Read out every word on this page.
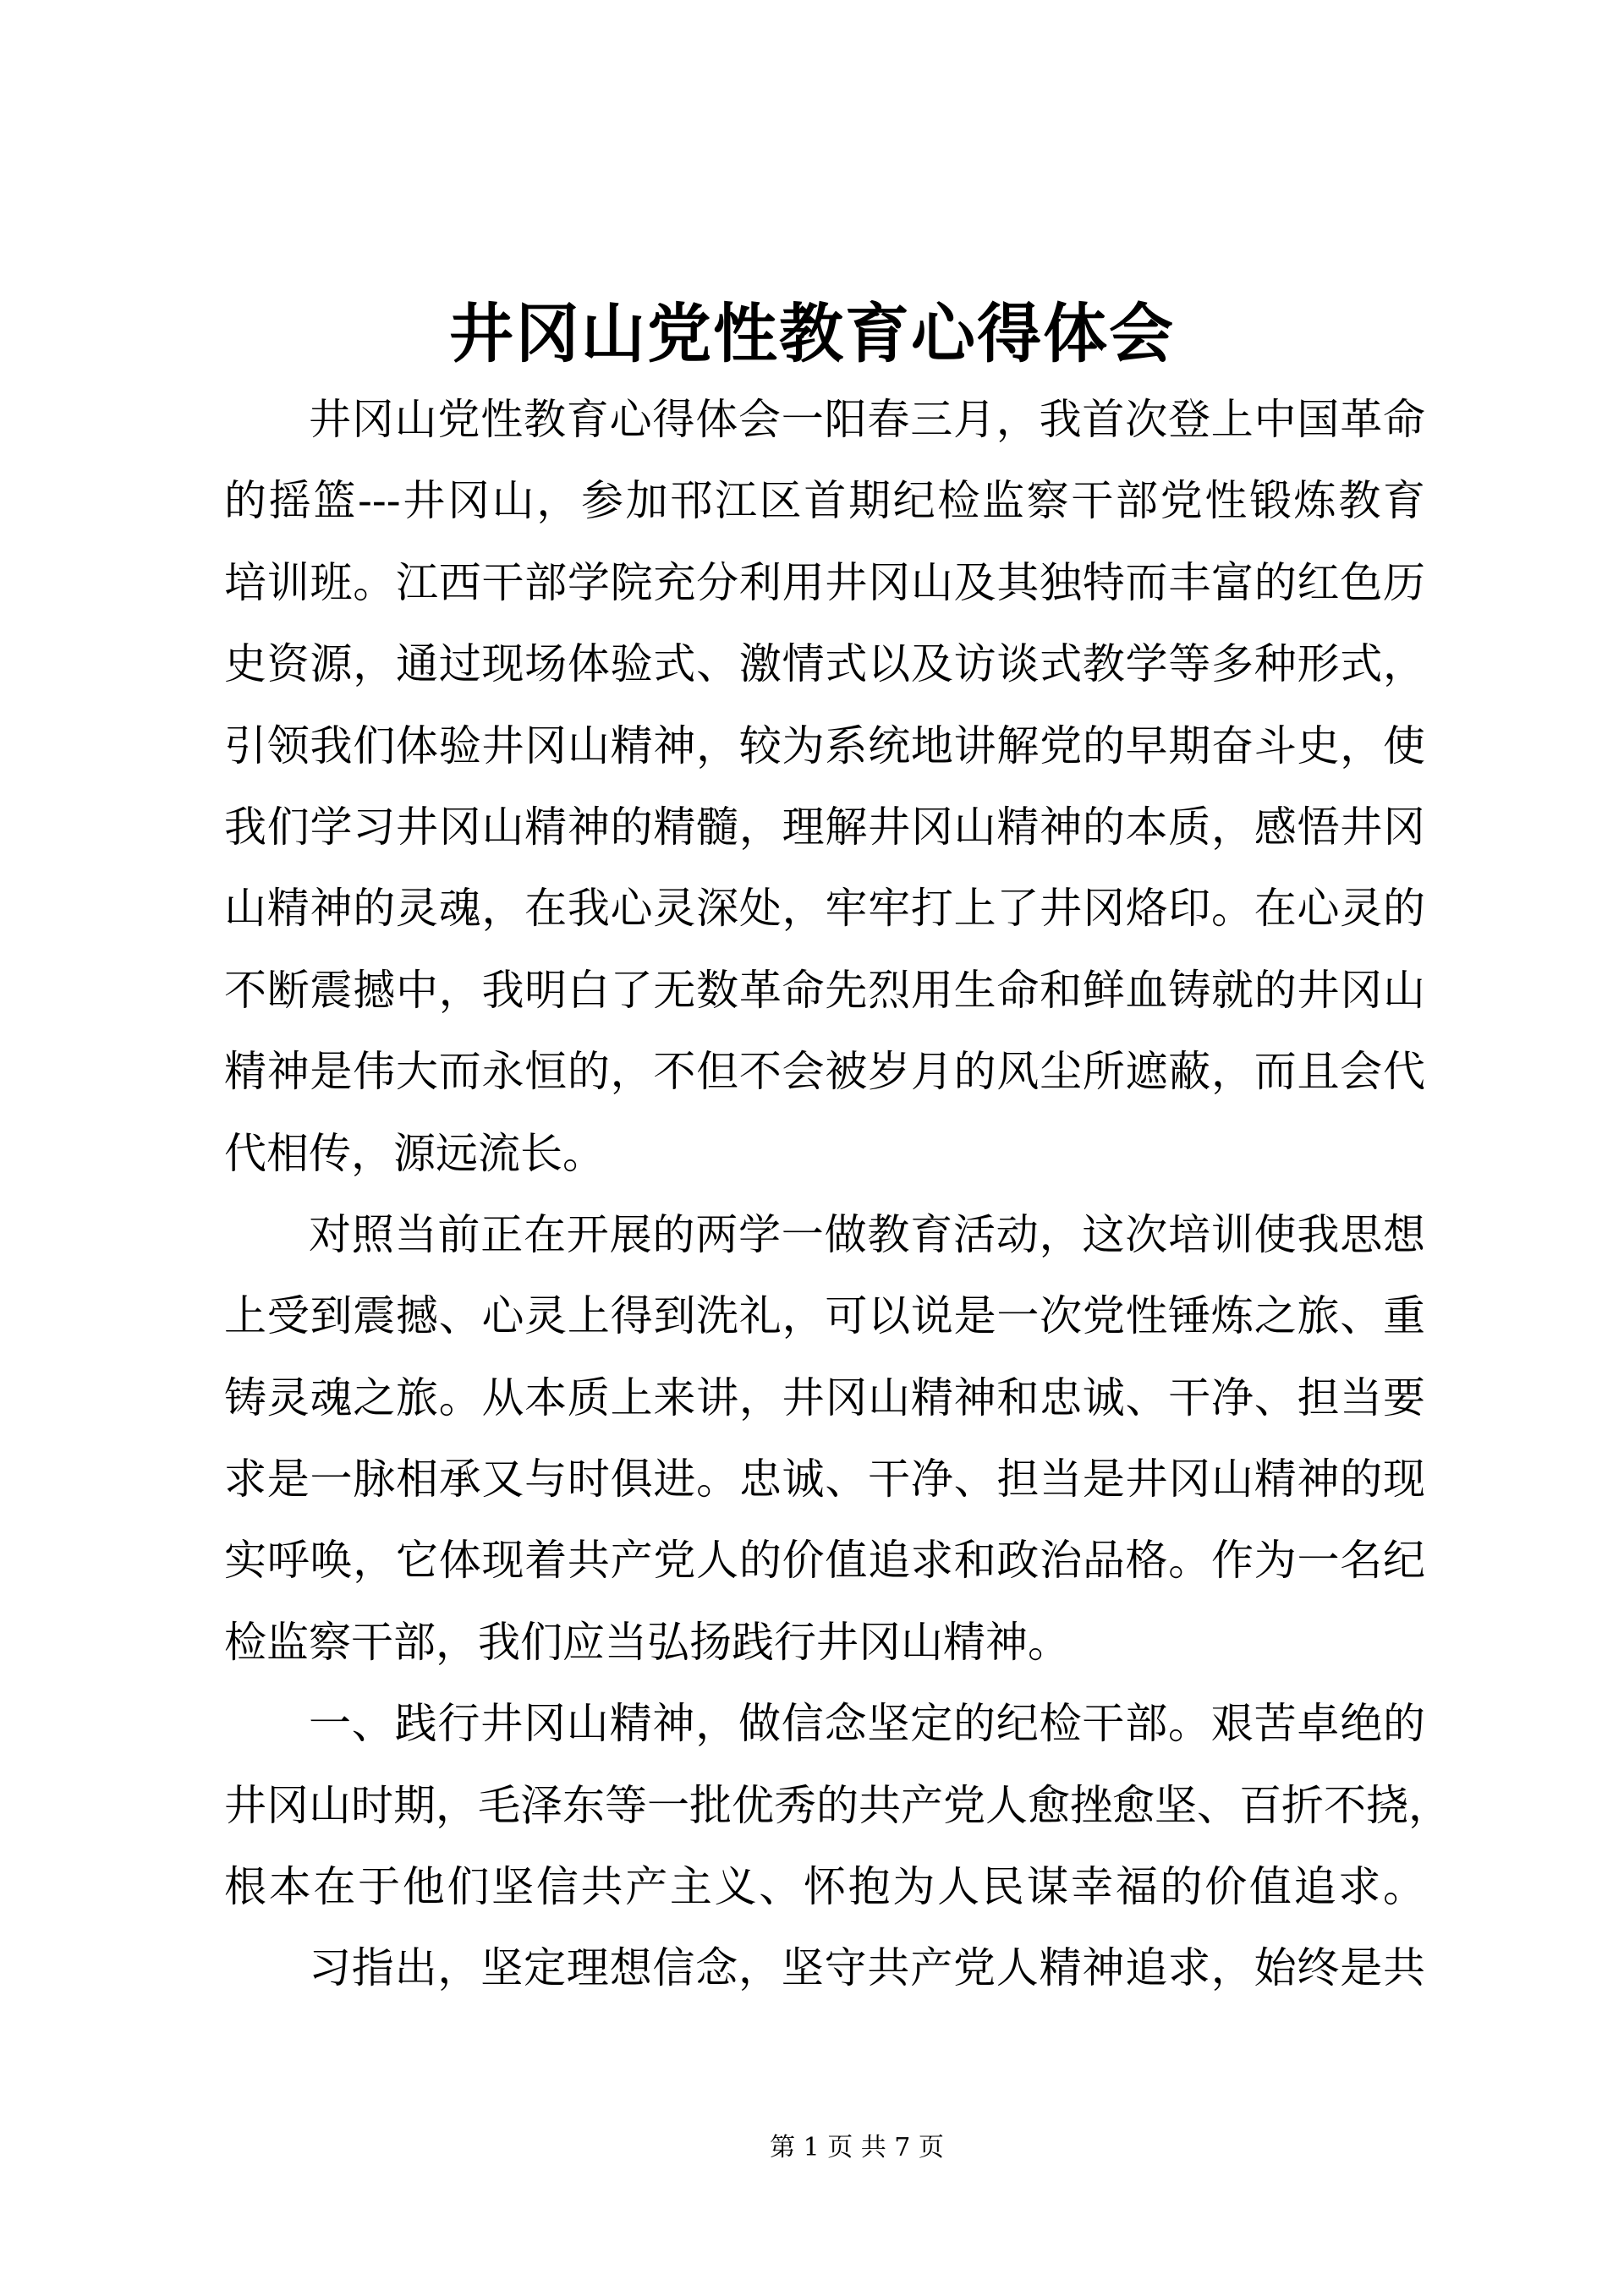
井冈山党性教育心得体会
井冈山党性教育心得体会一阳春三月，我首次登上中国革命
的摇篮---井冈山，参加邗江区首期纪检监察干部党性锻炼教育
培训班。江西干部学院充分利用井冈山及其独特而丰富的红色历
史资源，通过现场体验式、激情式以及访谈式教学等多种形式，
引领我们体验井冈山精神，较为系统地讲解党的早期奋斗史，使
我们学习井冈山精神的精髓，理解井冈山精神的本质，感悟井冈
山精神的灵魂，在我心灵深处，牢牢打上了井冈烙印。在心灵的
不断震撼中，我明白了无数革命先烈用生命和鲜血铸就的井冈山
精神是伟大而永恒的，不但不会被岁月的风尘所遮蔽，而且会代
代相传，源远流长。
对照当前正在开展的两学一做教育活动，这次培训使我思想
上受到震撼、心灵上得到洗礼，可以说是一次党性锤炼之旅、重
铸灵魂之旅。从本质上来讲，井冈山精神和忠诚、干净、担当要
求是一脉相承又与时俱进。忠诚、干净、担当是井冈山精神的现
实呼唤，它体现着共产党人的价值追求和政治品格。作为一名纪
检监察干部，我们应当弘扬践行井冈山精神。
一、践行井冈山精神，做信念坚定的纪检干部。艰苦卓绝的
井冈山时期，毛泽东等一批优秀的共产党人愈挫愈坚、百折不挠，
根本在于他们坚信共产主义、怀抱为人民谋幸福的价值追求。
习指出，坚定理想信念，坚守共产党人精神追求，始终是共
第 1 页 共 7 页
